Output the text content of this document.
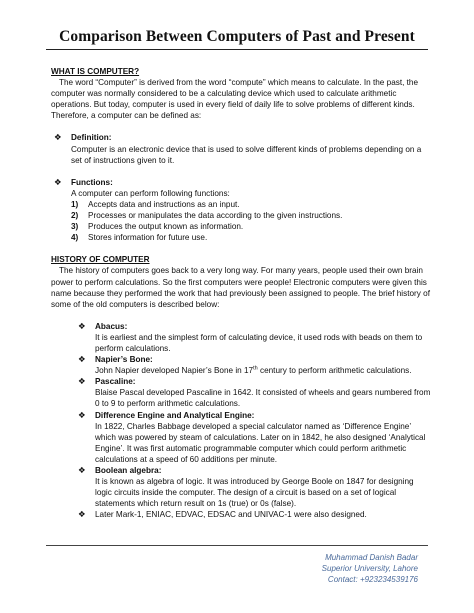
Comparison Between Computers of Past and Present

WHAT IS COMPUTER?

The word “Computer” is derived from the word “compute” which means to calculate. In the past, the computer was normally considered to be a calculating device which used to calculate arithmetic operations. But today, computer is used in every field of daily life to solve problems of different kinds. Therefore, a computer can be defined as:

❖ Definition:

Computer is an electronic device that is used to solve different kinds of problems depending on a set of instructions given to it.

❖ Functions:

A computer can perform following functions:

1) Accepts data and instructions as an input.
2) Processes or manipulates the data according to the given instructions.
3) Produces the output known as information.
4) Stores information for future use.

HISTORY OF COMPUTER

The history of computers goes back to a very long way. For many years, people used their own brain power to perform calculations. So the first computers were people! Electronic computers were given this name because they performed the work that had previously been assigned to people. The brief history of some of the old computers is described below:

❖ Abacus:

It is earliest and the simplest form of calculating device, it used rods with beads on them to perform calculations.

❖ Napier’s Bone:

John Napier developed Napier’s Bone in 17th century to perform arithmetic calculations.

❖ Pascaline:

Blaise Pascal developed Pascaline in 1642. It consisted of wheels and gears numbered from 0 to 9 to perform arithmetic calculations.

❖ Difference Engine and Analytical Engine:

In 1822, Charles Babbage developed a special calculator named as ‘Difference Engine’ which was powered by steam of calculations. Later on in 1842, he also designed ‘Analytical Engine’. It was first automatic programmable computer which could perform arithmetic calculations at a speed of 60 additions per minute.

❖ Boolean algebra:

It is known as algebra of logic. It was introduced by George Boole on 1847 for designing logic circuits inside the computer. The design of a circuit is based on a set of logical statements which return result on 1s (true) or 0s (false).

❖ Later Mark-1, ENIAC, EDVAC, EDSAC and UNIVAC-1 were also designed.

Muhammad Danish Badar
Superior University, Lahore
Contact: +923234539176
